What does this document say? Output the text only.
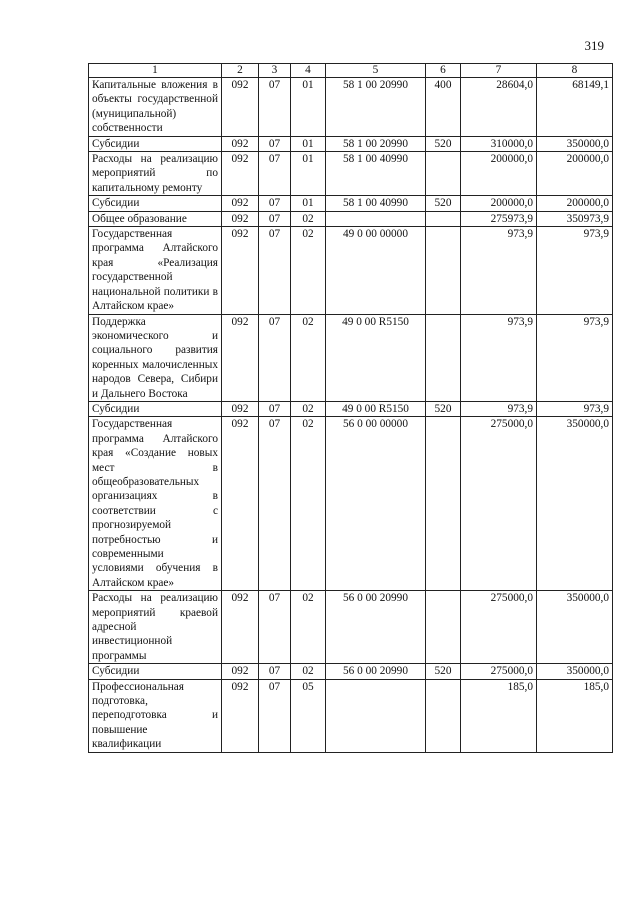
319
1	2	3	4	5	6	7	8
Капитальные вложения в объекты государственной (муниципальной) собственности	092	07	01	58 1 00 20990	400	28604,0	68149,1
Субсидии	092	07	01	58 1 00 20990	520	310000,0	350000,0
Расходы на реализацию мероприятий по капитальному ремонту	092	07	01	58 1 00 40990		200000,0	200000,0
Субсидии	092	07	01	58 1 00 40990	520	200000,0	200000,0
Общее образование	092	07	02			275973,9	350973,9
Государственная программа Алтайского края «Реализация государственной национальной политики в Алтайском крае»	092	07	02	49 0 00 00000		973,9	973,9
Поддержка экономического и социального развития коренных малочисленных народов Севера, Сибири и Дальнего Востока	092	07	02	49 0 00 R5150		973,9	973,9
Субсидии	092	07	02	49 0 00 R5150	520	973,9	973,9
Государственная программа Алтайского края «Создание новых мест в общеобразовательных организациях в соответствии с прогнозируемой потребностью и современными условиями обучения в Алтайском крае»	092	07	02	56 0 00 00000		275000,0	350000,0
Расходы на реализацию мероприятий краевой адресной инвестиционной программы	092	07	02	56 0 00 20990		275000,0	350000,0
Субсидии	092	07	02	56 0 00 20990	520	275000,0	350000,0
Профессиональная подготовка, переподготовка и повышение квалификации	092	07	05			185,0	185,0
